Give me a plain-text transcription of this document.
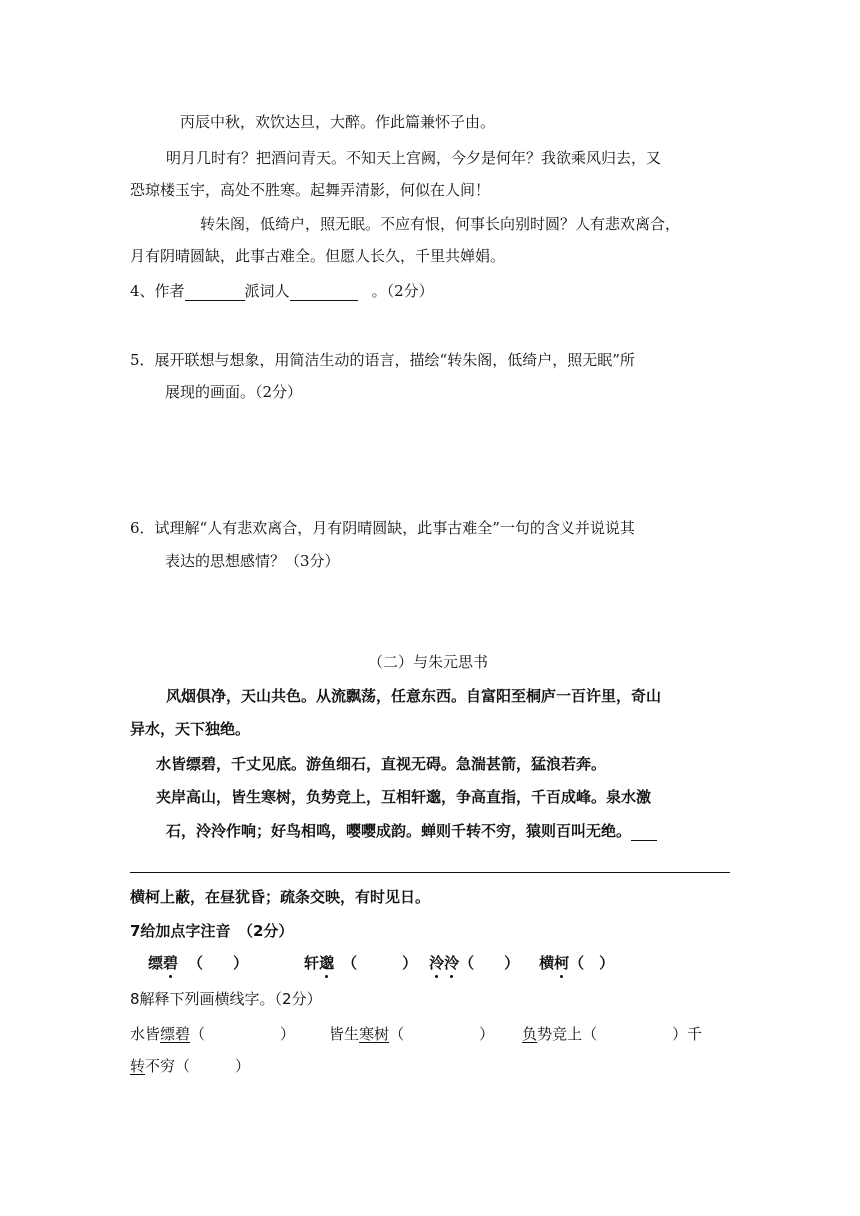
丙辰中秋，欢饮达旦，大醉。作此篇兼怀子由。
明月几时有？把酒问青天。不知天上宫阙，今夕是何年？我欲乘风归去，又
恐琼楼玉宇，高处不胜寒。起舞弄清影，何似在人间！
转朱阁，低绮户，照无眠。不应有恨，何事长向别时圆？人有悲欢离合，
月有阴晴圆缺，此事古难全。但愿人长久，千里共婵娟。
4、作者	派词人	。（2分）
5．展开联想与想象，用简洁生动的语言，描绘“转朱阁，低绮户，照无眠”所
展现的画面。（2分）
6．试理解“人有悲欢离合，月有阴晴圆缺，此事古难全”一句的含义并说说其
表达的思想感情？（3分）
（二）与朱元思书
风烟俱净，天山共色。从流飘荡，任意东西。自富阳至桐庐一百许里，奇山
异水，天下独绝。
水皆缥碧，千丈见底。游鱼细石，直视无碍。急湍甚箭，猛浪若奔。
夹岸高山，皆生寒树，负势竞上，互相轩邈，争高直指，千百成峰。泉水激
石，泠泠作响；好鸟相鸣，嘤嘤成韵。蝉则千转不穷，猿则百叫无绝。
横柯上蔽，在昼犹昏；疏条交映，有时见日。
7给加点字注音　（2分）
缥碧 （　　）	轩邈 （　　　） 泠泠（　　） 横柯（　）
8解释下列画横线字。（2分）
水皆缥碧（　　　　　） 皆生寒树（　　　　　） 负势竞上（　　　　　）千
转不穷（　　　）
